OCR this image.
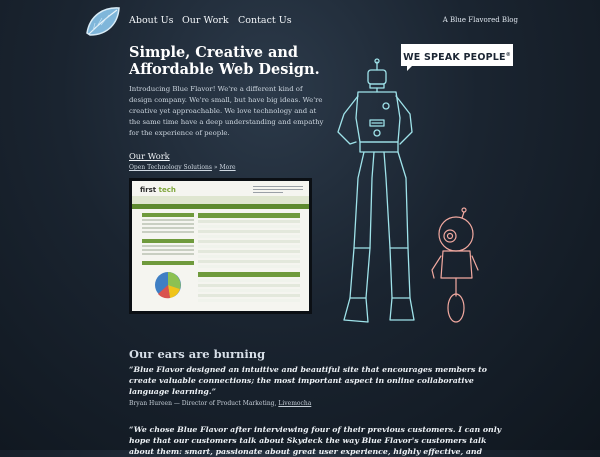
About Us Our Work Contact Us	A Blue Flavored Blog
Simple, Creative and Affordable Web Design.

Introducing Blue Flavor! We're a different kind of design company. We're small, but have big ideas. We're creative yet approachable. We love technology and at the same time have a deep understanding and empathy for the experience of people.

Our Work
Open Technology Solutions » More
first tech
WE SPEAK PEOPLE®
Our ears are burning

“Blue Flavor designed an intuitive and beautiful site that encourages members to create valuable connections; the most important aspect in online collaborative language learning.”

Bryan Hureen — Director of Product Marketing, Livemocha

“We chose Blue Flavor after interviewing four of their previous customers. I can only hope that our customers talk about Skydeck the way Blue Flavor's customers talk about them: smart, passionate about great user experience, highly effective, and
